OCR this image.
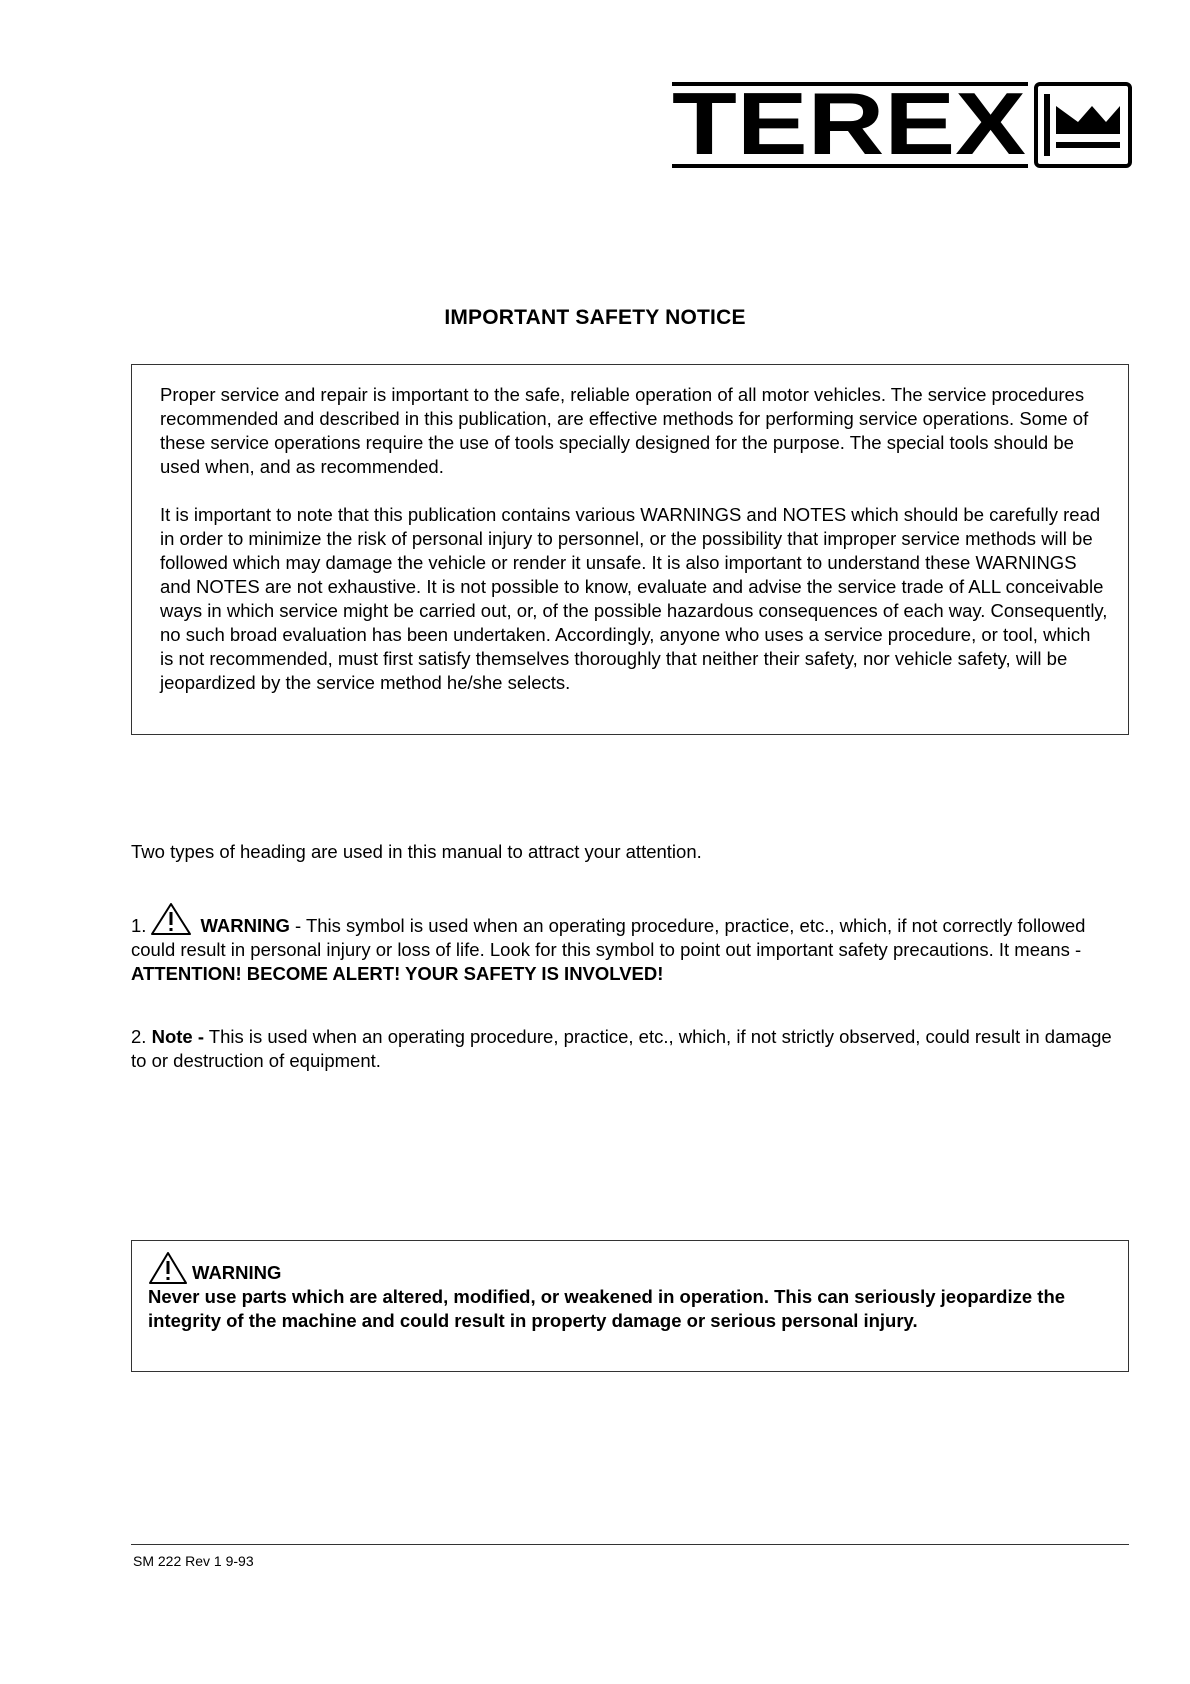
TEREX
IMPORTANT SAFETY NOTICE

Proper service and repair is important to the safe, reliable operation of all motor vehicles. The service procedures recommended and described in this publication, are effective methods for performing service operations. Some of these service operations require the use of tools specially designed for the purpose. The special tools should be used when, and as recommended.

It is important to note that this publication contains various WARNINGS and NOTES which should be carefully read in order to minimize the risk of personal injury to personnel, or the possibility that improper service methods will be followed which may damage the vehicle or render it unsafe. It is also important to understand these WARNINGS and NOTES are not exhaustive. It is not possible to know, evaluate and advise the service trade of ALL conceivable ways in which service might be carried out, or, of the possible hazardous consequences of each way. Consequently, no such broad evaluation has been undertaken. Accordingly, anyone who uses a service procedure, or tool, which is not recommended, must first satisfy themselves thoroughly that neither their safety, nor vehicle safety, will be jeopardized by the service method he/she selects.

Two types of heading are used in this manual to attract your attention.

1.	WARNING - This symbol is used when an operating procedure, practice, etc., which, if not correctly followed could result in personal injury or loss of life. Look for this symbol to point out important safety precautions. It means - ATTENTION! BECOME ALERT! YOUR SAFETY IS INVOLVED!

2. Note - This is used when an operating procedure, practice, etc., which, if not strictly observed, could result in damage to or destruction of equipment.

WARNING

Never use parts which are altered, modified, or weakened in operation. This can seriously jeopardize the integrity of the machine and could result in property damage or serious personal injury.

SM 222 Rev 1 9-93
